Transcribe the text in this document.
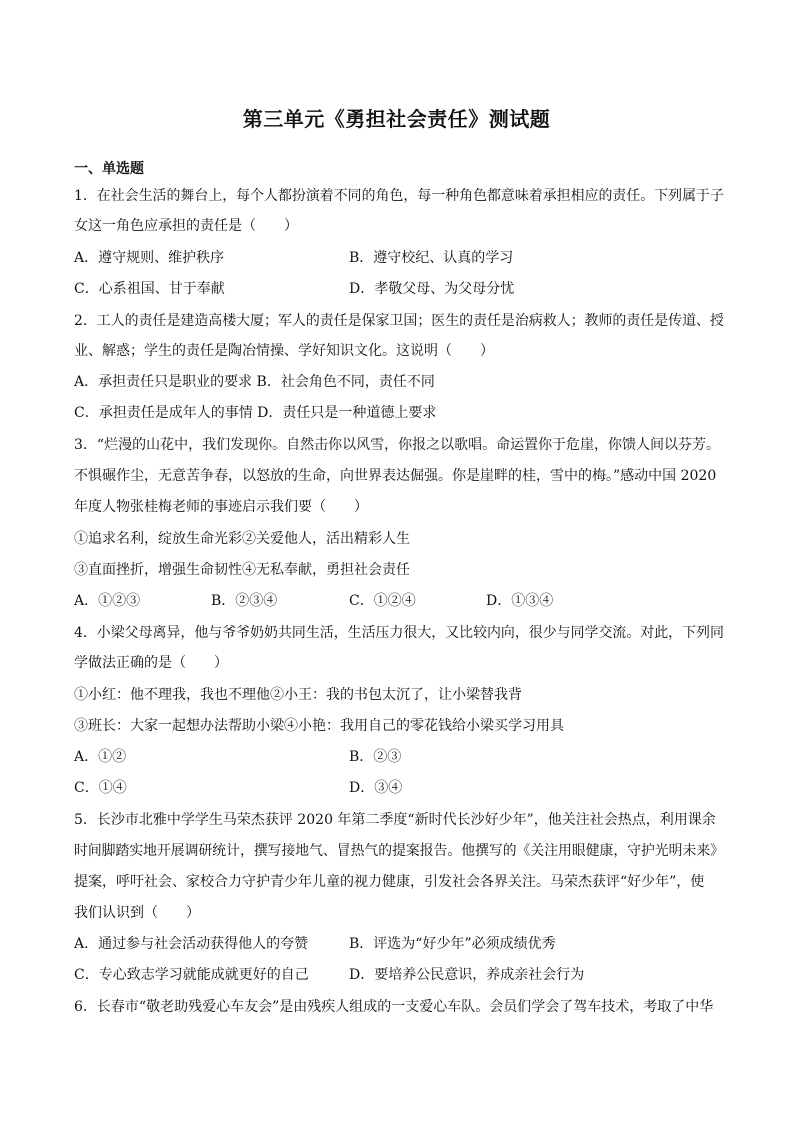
第三单元《勇担社会责任》测试题
一、单选题
1．在社会生活的舞台上，每个人都扮演着不同的角色，每一种角色都意味着承担相应的责任。下列属于子
女这一角色应承担的责任是（　　）
A．遵守规则、维护秩序	B．遵守校纪、认真的学习
C．心系祖国、甘于奉献	D．孝敬父母、为父母分忧
2．工人的责任是建造高楼大厦；军人的责任是保家卫国；医生的责任是治病救人；教师的责任是传道、授
业、解惑；学生的责任是陶冶情操、学好知识文化。这说明（　　）
A．承担责任只是职业的要求 B．社会角色不同，责任不同
C．承担责任是成年人的事情 D．责任只是一种道德上要求
3．“烂漫的山花中，我们发现你。自然击你以风雪，你报之以歌唱。命运置你于危崖，你馈人间以芬芳。
不惧碾作尘，无意苦争春，以怒放的生命，向世界表达倔强。你是崖畔的桂，雪中的梅。”感动中国 2020
年度人物张桂梅老师的事迹启示我们要（　　）
①追求名利，绽放生命光彩②关爱他人，活出精彩人生
③直面挫折，增强生命韧性④无私奉献，勇担社会责任
A．①②③	B．②③④	C．①②④	D．①③④
4．小梁父母离异，他与爷爷奶奶共同生活，生活压力很大，又比较内向，很少与同学交流。对此，下列同
学做法正确的是（　　）
①小红：他不理我，我也不理他②小王：我的书包太沉了，让小梁替我背
③班长：大家一起想办法帮助小梁④小艳：我用自己的零花钱给小梁买学习用具
A．①②	B．②③
C．①④	D．③④
5．长沙市北雅中学学生马荣杰获评 2020 年第二季度“新时代长沙好少年”，他关注社会热点，利用课余
时间脚踏实地开展调研统计，撰写接地气、冒热气的提案报告。他撰写的《关注用眼健康，守护光明未来》
提案，呼吁社会、家校合力守护青少年儿童的视力健康，引发社会各界关注。马荣杰获评“好少年”，使
我们认识到（　　）
A．通过参与社会活动获得他人的夸赞	B．评选为“好少年”必须成绩优秀
C．专心致志学习就能成就更好的自己	D．要培养公民意识，养成亲社会行为
6．长春市“敬老助残爱心车友会”是由残疾人组成的一支爱心车队。会员们学会了驾车技术，考取了中华
